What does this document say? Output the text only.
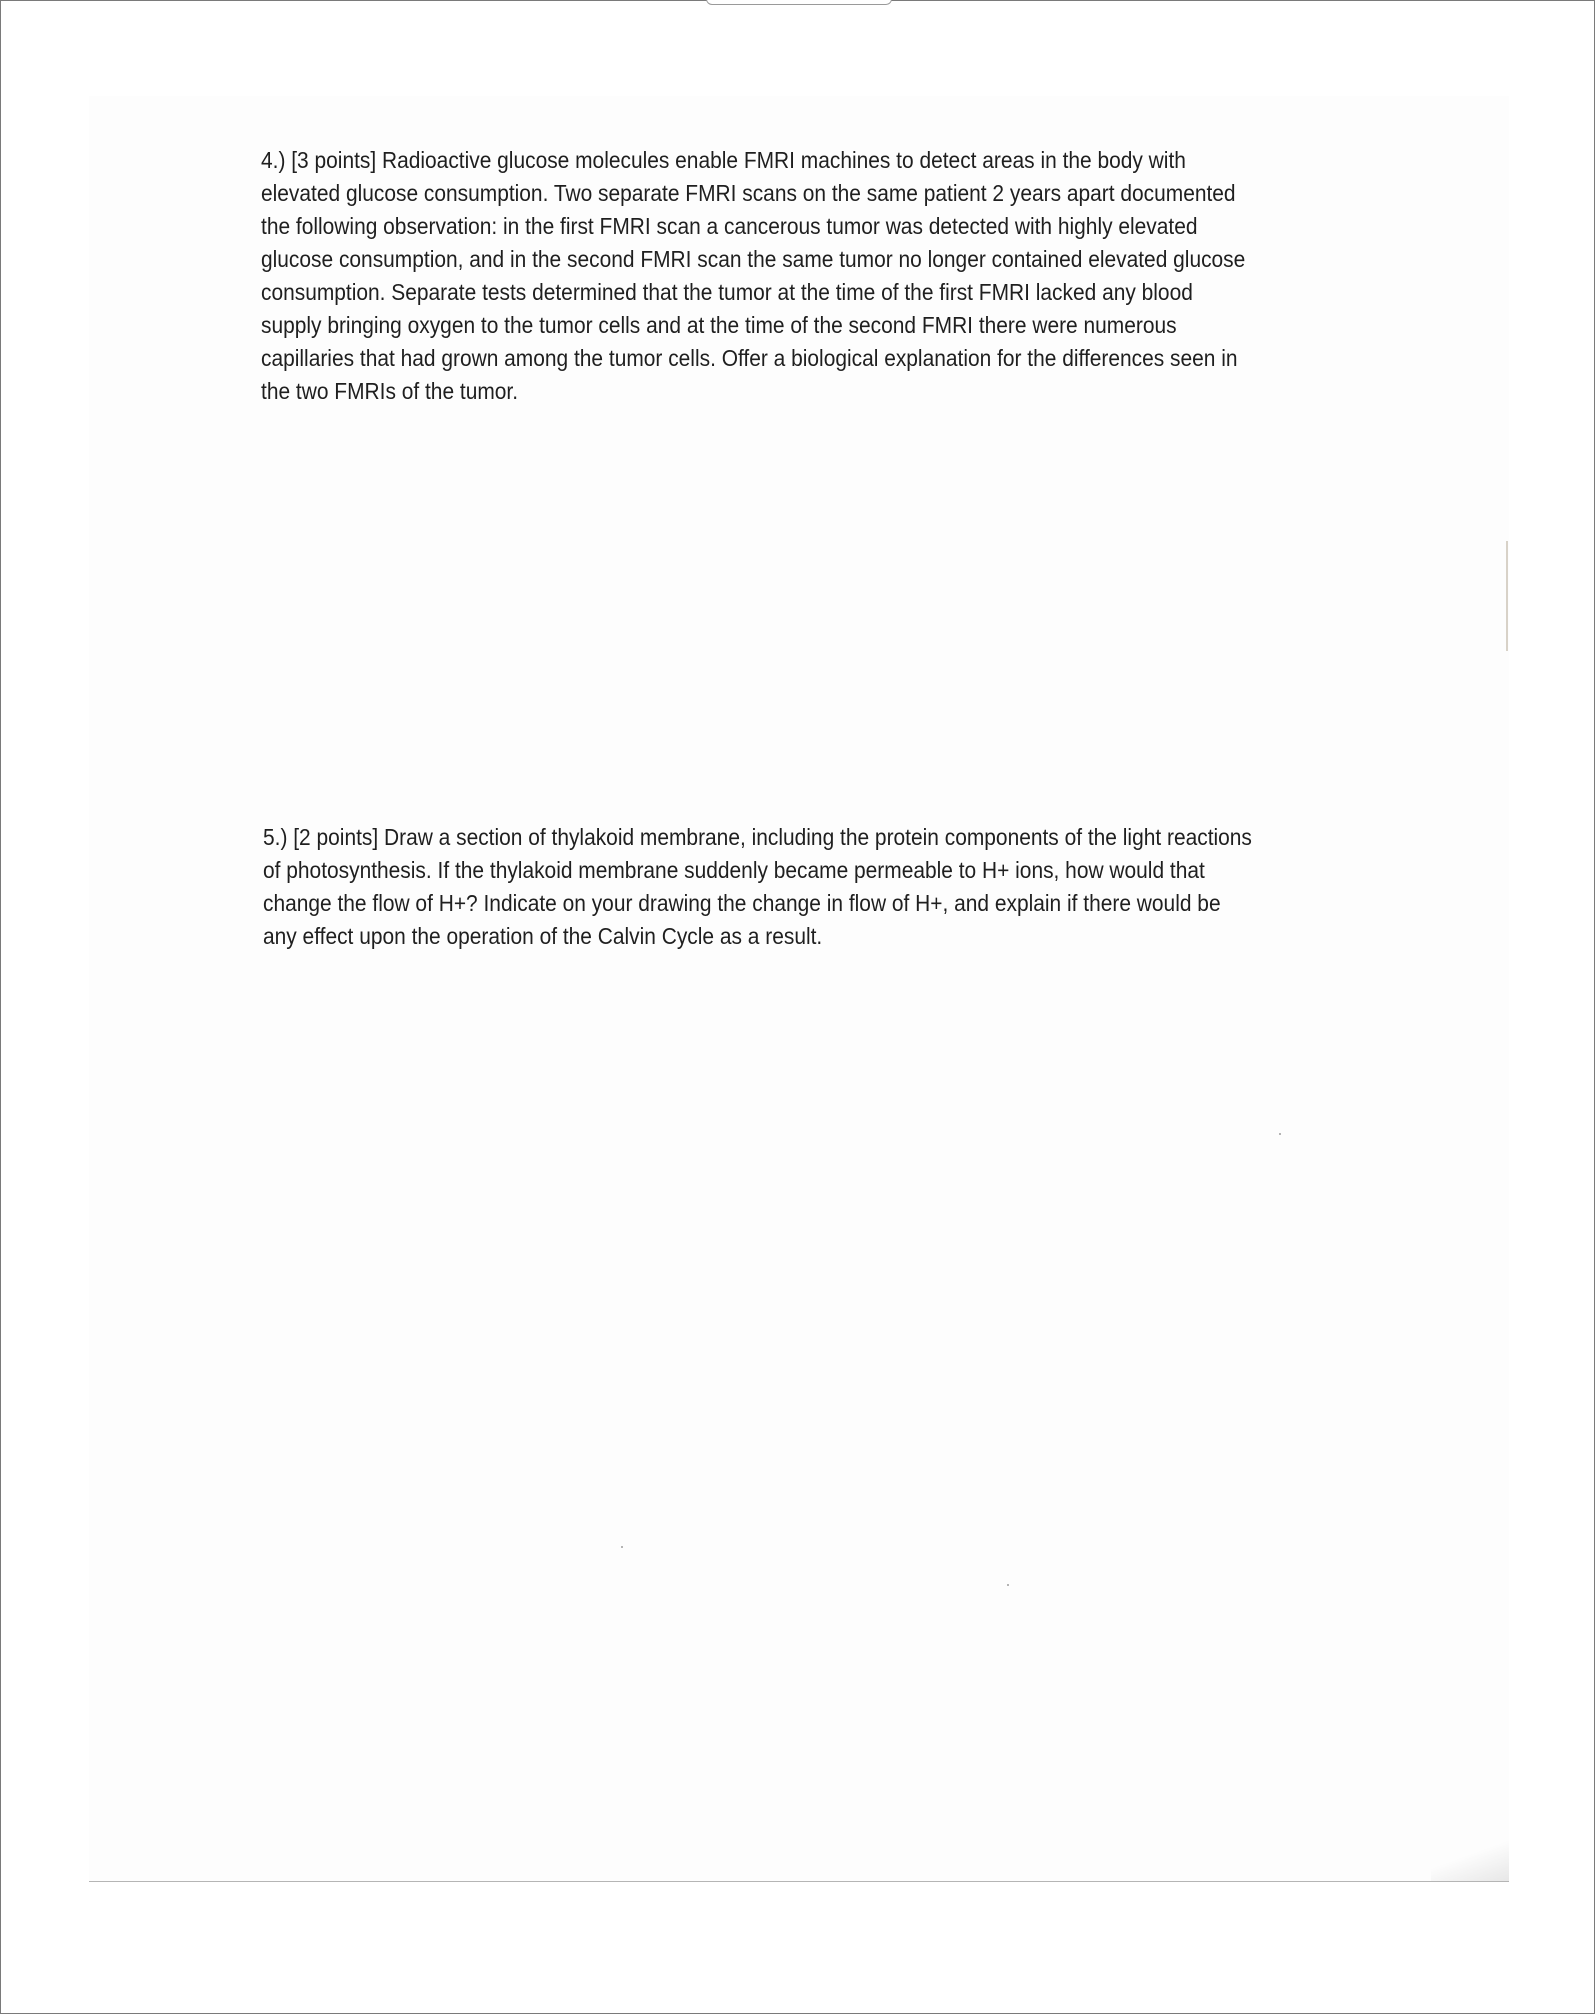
4.) [3 points] Radioactive glucose molecules enable FMRI machines to detect areas in the body with
elevated glucose consumption. Two separate FMRI scans on the same patient 2 years apart documented
the following observation: in the first FMRI scan a cancerous tumor was detected with highly elevated
glucose consumption, and in the second FMRI scan the same tumor no longer contained elevated glucose
consumption. Separate tests determined that the tumor at the time of the first FMRI lacked any blood
supply bringing oxygen to the tumor cells and at the time of the second FMRI there were numerous
capillaries that had grown among the tumor cells. Offer a biological explanation for the differences seen in
the two FMRIs of the tumor.
5.) [2 points] Draw a section of thylakoid membrane, including the protein components of the light reactions
of photosynthesis. If the thylakoid membrane suddenly became permeable to H+ ions, how would that
change the flow of H+? Indicate on your drawing the change in flow of H+, and explain if there would be
any effect upon the operation of the Calvin Cycle as a result.
